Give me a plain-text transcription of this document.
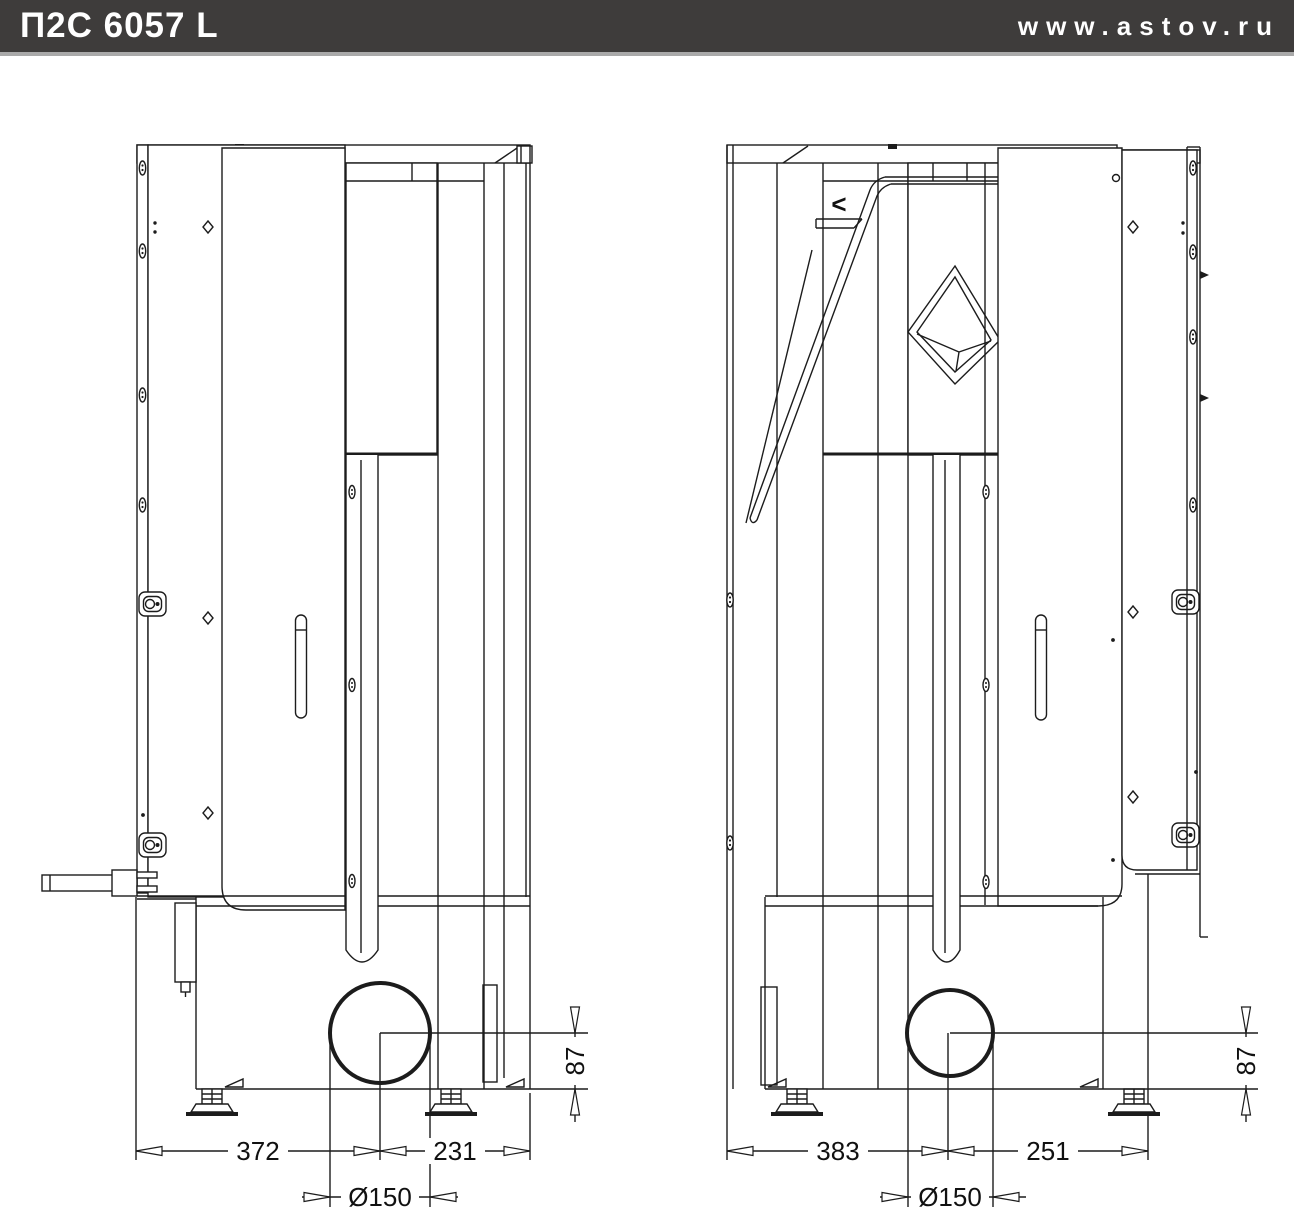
П2С 6057 L	www.astov.ru
372	231
Ø150
87
<
383	251
Ø150
87
